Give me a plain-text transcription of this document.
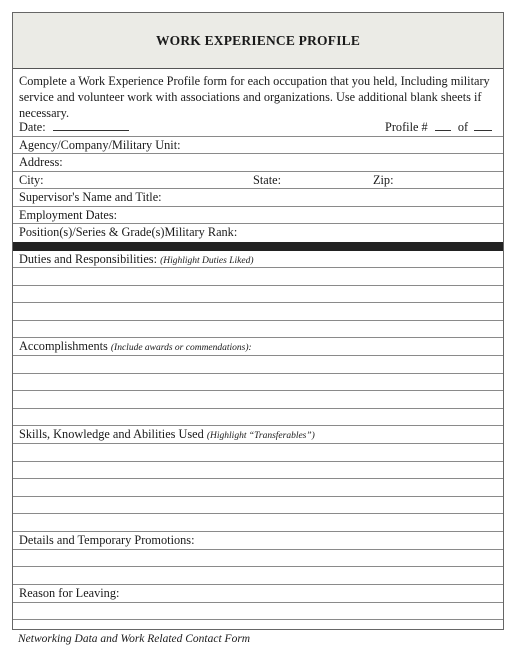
WORK EXPERIENCE PROFILE
Complete a Work Experience Profile form for each occupation that you held, Including military service and volunteer work with associations and organizations. Use additional blank sheets if necessary.
Date:	Profile # of
Agency/Company/Military Unit:
Address:
City:	State:	Zip:
Supervisor's Name and Title:
Employment Dates:
Position(s)/Series & Grade(s)Military Rank:
Duties and Responsibilities: (Highlight Duties Liked)
Accomplishments (Include awards or commendations):
Skills, Knowledge and Abilities Used (Highlight “Transferables”)
Details and Temporary Promotions:
Reason for Leaving:
Networking Data and Work Related Contact Form
